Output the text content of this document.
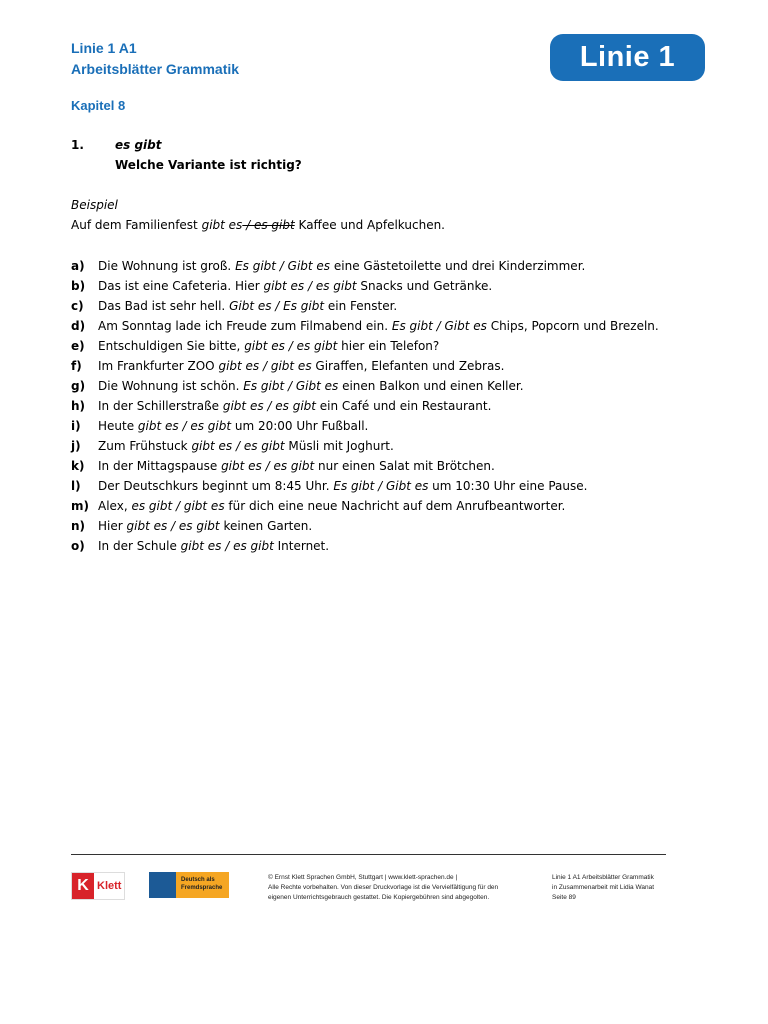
Linie 1 A1
Arbeitsblätter Grammatik	Linie 1
Kapitel 8
1.	es gibt
Welche Variante ist richtig?
Beispiel
Auf dem Familienfest gibt es / es gibt Kaffee und Apfelkuchen.
a)	Die Wohnung ist groß. Es gibt / Gibt es eine Gästetoilette und drei Kinderzimmer.
b)	Das ist eine Cafeteria. Hier gibt es / es gibt Snacks und Getränke.
c)	Das Bad ist sehr hell. Gibt es / Es gibt ein Fenster.
d)	Am Sonntag lade ich Freude zum Filmabend ein. Es gibt / Gibt es Chips, Popcorn und Brezeln.
e)	Entschuldigen Sie bitte, gibt es / es gibt hier ein Telefon?
f)	Im Frankfurter ZOO gibt es / gibt es Giraffen, Elefanten und Zebras.
g)	Die Wohnung ist schön. Es gibt / Gibt es einen Balkon und einen Keller.
h)	In der Schillerstraße gibt es / es gibt ein Café und ein Restaurant.
i)	Heute gibt es / es gibt um 20:00 Uhr Fußball.
j)	Zum Frühstuck gibt es / es gibt Müsli mit Joghurt.
k)	In der Mittagspause gibt es / es gibt nur einen Salat mit Brötchen.
l)	Der Deutschkurs beginnt um 8:45 Uhr. Es gibt / Gibt es um 10:30 Uhr eine Pause.
m) Alex, es gibt / gibt es für dich eine neue Nachricht auf dem Anrufbeantworter.
n)	Hier gibt es / es gibt keinen Garten.
o)	In der Schule gibt es / es gibt Internet.
K Klett	Deutsch als
Fremdsprache

© Ernst Klett Sprachen GmbH, Stuttgart | www.klett-sprachen.de |

Alle Rechte vorbehalten. Von dieser Druckvorlage ist die Vervielfältigung für den

eigenen Unterrichtsgebrauch gestattet. Die Kopiergebühren sind abgegolten.

Linie 1 A1 Arbeitsblätter Grammatik

in Zusammenarbeit mit Lidia Wanat

Seite 89
